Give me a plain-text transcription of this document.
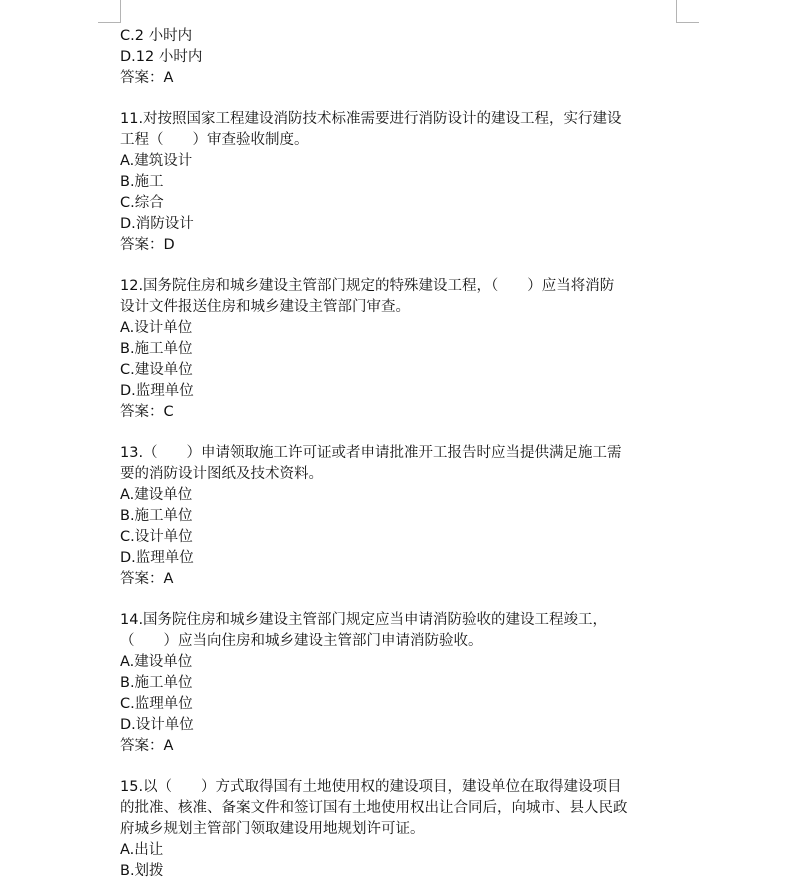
C.2 小时内
D.12 小时内
答案：A
11.对按照国家工程建设消防技术标准需要进行消防设计的建设工程，实行建设
工程（　　）审查验收制度。
A.建筑设计
B.施工
C.综合
D.消防设计
答案：D
12.国务院住房和城乡建设主管部门规定的特殊建设工程，（　　）应当将消防
设计文件报送住房和城乡建设主管部门审查。
A.设计单位
B.施工单位
C.建设单位
D.监理单位
答案：C
13.（　　）申请领取施工许可证或者申请批准开工报告时应当提供满足施工需
要的消防设计图纸及技术资料。
A.建设单位
B.施工单位
C.设计单位
D.监理单位
答案：A
14.国务院住房和城乡建设主管部门规定应当申请消防验收的建设工程竣工，
（　　）应当向住房和城乡建设主管部门申请消防验收。
A.建设单位
B.施工单位
C.监理单位
D.设计单位
答案：A
15.以（　　）方式取得国有土地使用权的建设项目，建设单位在取得建设项目
的批准、核准、备案文件和签订国有土地使用权出让合同后，向城市、县人民政
府城乡规划主管部门领取建设用地规划许可证。
A.出让
B.划拨
